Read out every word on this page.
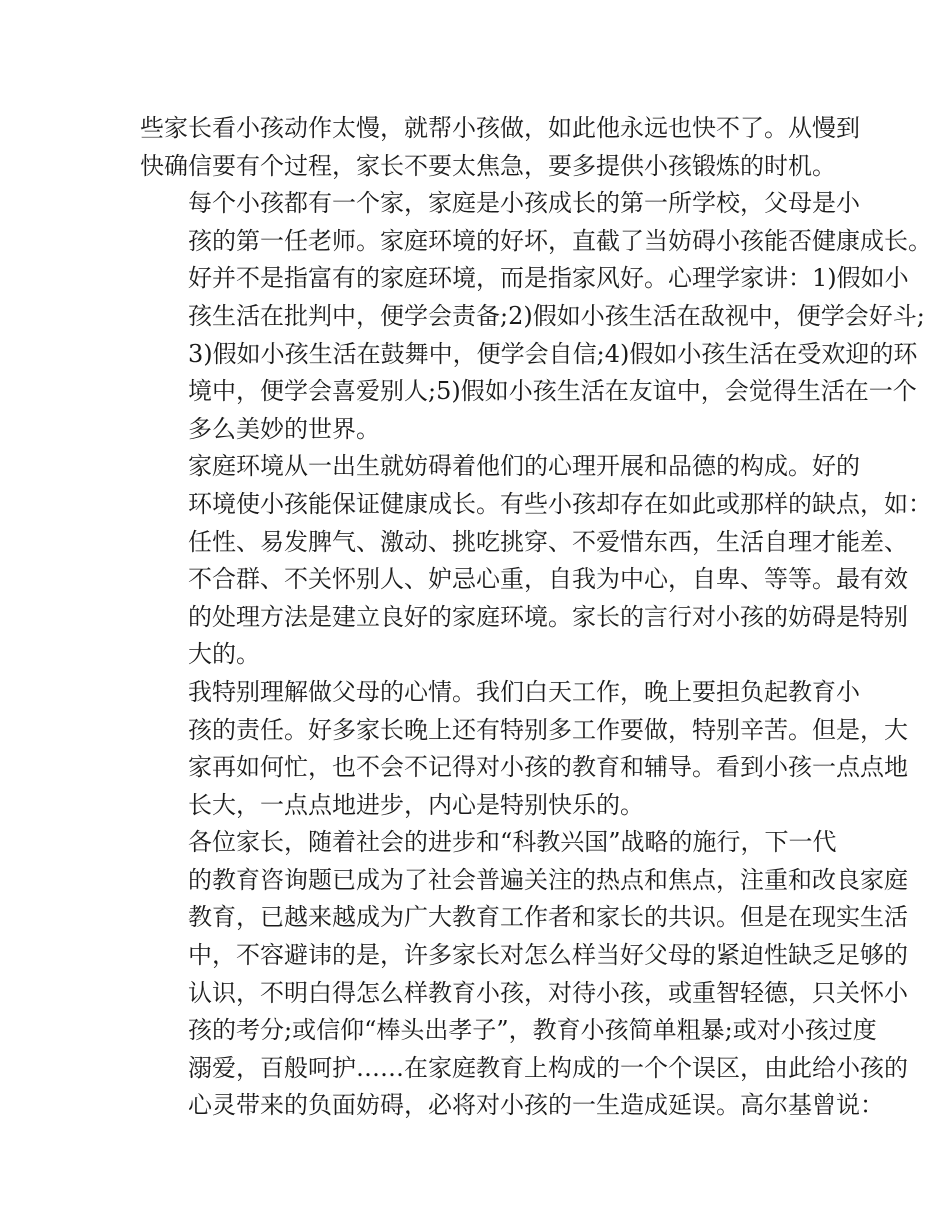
些家长看小孩动作太慢，就帮小孩做，如此他永远也快不了。从慢到
快确信要有个过程，家长不要太焦急，要多提供小孩锻炼的时机。

每个小孩都有一个家，家庭是小孩成长的第一所学校，父母是小
孩的第一任老师。家庭环境的好坏，直截了当妨碍小孩能否健康成长。
好并不是指富有的家庭环境，而是指家风好。心理学家讲：1)假如小
孩生活在批判中，便学会责备;2)假如小孩生活在敌视中，便学会好斗;
3)假如小孩生活在鼓舞中，便学会自信;4)假如小孩生活在受欢迎的环
境中，便学会喜爱别人;5)假如小孩生活在友谊中，会觉得生活在一个
多么美妙的世界。

家庭环境从一出生就妨碍着他们的心理开展和品德的构成。好的
环境使小孩能保证健康成长。有些小孩却存在如此或那样的缺点，如：
任性、易发脾气、激动、挑吃挑穿、不爱惜东西，生活自理才能差、
不合群、不关怀别人、妒忌心重，自我为中心，自卑、等等。最有效
的处理方法是建立良好的家庭环境。家长的言行对小孩的妨碍是特别
大的。

我特别理解做父母的心情。我们白天工作，晚上要担负起教育小
孩的责任。好多家长晚上还有特别多工作要做，特别辛苦。但是，大
家再如何忙，也不会不记得对小孩的教育和辅导。看到小孩一点点地
长大，一点点地进步，内心是特别快乐的。

各位家长，随着社会的进步和“科教兴国”战略的施行，下一代
的教育咨询题已成为了社会普遍关注的热点和焦点，注重和改良家庭
教育，已越来越成为广大教育工作者和家长的共识。但是在现实生活
中，不容避讳的是，许多家长对怎么样当好父母的紧迫性缺乏足够的
认识，不明白得怎么样教育小孩，对待小孩，或重智轻德，只关怀小
孩的考分;或信仰“棒头出孝子”，教育小孩简单粗暴;或对小孩过度
溺爱，百般呵护……在家庭教育上构成的一个个误区，由此给小孩的
心灵带来的负面妨碍，必将对小孩的一生造成延误。高尔基曾说：
